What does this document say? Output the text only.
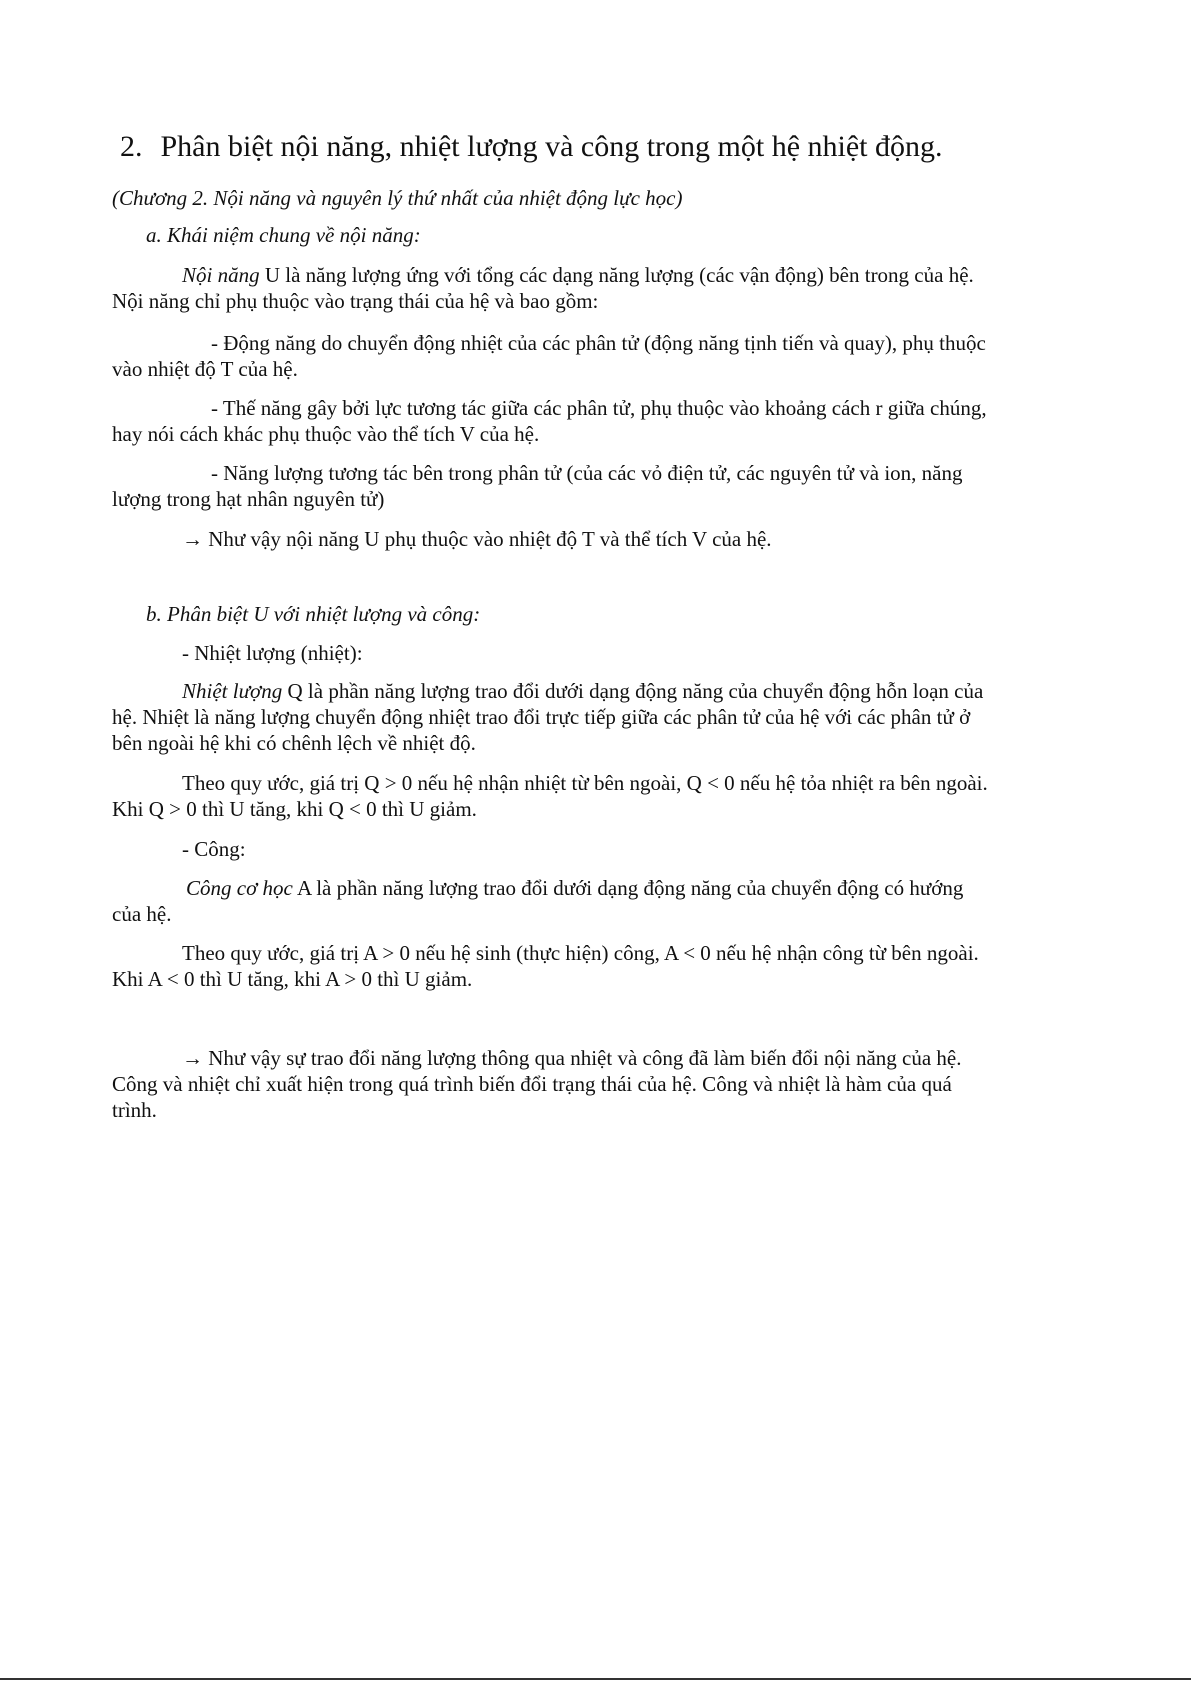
2. Phân biệt nội năng, nhiệt lượng và công trong một hệ nhiệt động.

(Chương 2. Nội năng và nguyên lý thứ nhất của nhiệt động lực học)

a. Khái niệm chung về nội năng:

Nội năng U là năng lượng ứng với tổng các dạng năng lượng (các vận động) bên trong của hệ.

Nội năng chỉ phụ thuộc vào trạng thái của hệ và bao gồm:

- Động năng do chuyển động nhiệt của các phân tử (động năng tịnh tiến và quay), phụ thuộc

vào nhiệt độ T của hệ.

- Thế năng gây bởi lực tương tác giữa các phân tử, phụ thuộc vào khoảng cách r giữa chúng,

hay nói cách khác phụ thuộc vào thể tích V của hệ.

- Năng lượng tương tác bên trong phân tử (của các vỏ điện tử, các nguyên tử và ion, năng

lượng trong hạt nhân nguyên tử)

→ Như vậy nội năng U phụ thuộc vào nhiệt độ T và thể tích V của hệ.

b. Phân biệt U với nhiệt lượng và công:

- Nhiệt lượng (nhiệt):

Nhiệt lượng Q là phần năng lượng trao đổi dưới dạng động năng của chuyển động hỗn loạn của

hệ. Nhiệt là năng lượng chuyển động nhiệt trao đổi trực tiếp giữa các phân tử của hệ với các phân tử ở

bên ngoài hệ khi có chênh lệch về nhiệt độ.

Theo quy ước, giá trị Q > 0 nếu hệ nhận nhiệt từ bên ngoài, Q < 0 nếu hệ tỏa nhiệt ra bên ngoài.

Khi Q > 0 thì U tăng, khi Q < 0 thì U giảm.

- Công:

Công cơ học A là phần năng lượng trao đổi dưới dạng động năng của chuyển động có hướng

của hệ.

Theo quy ước, giá trị A > 0 nếu hệ sinh (thực hiện) công, A < 0 nếu hệ nhận công từ bên ngoài.

Khi A < 0 thì U tăng, khi A > 0 thì U giảm.

→ Như vậy sự trao đổi năng lượng thông qua nhiệt và công đã làm biến đổi nội năng của hệ.

Công và nhiệt chỉ xuất hiện trong quá trình biến đổi trạng thái của hệ. Công và nhiệt là hàm của quá

trình.
